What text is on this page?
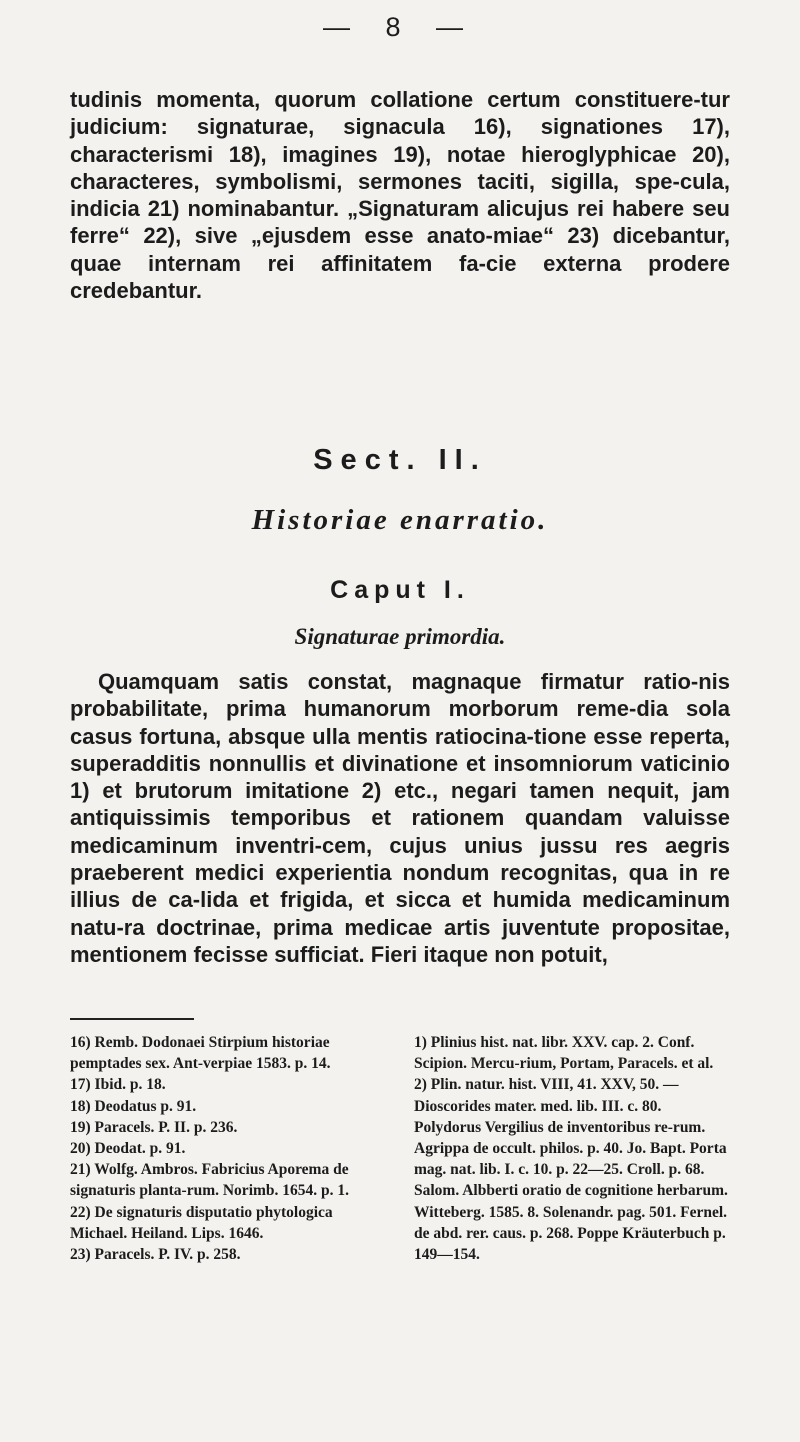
— 8 —

tudinis momenta, quorum collatione certum constituere-tur judicium: signaturae, signacula 16), signationes 17), characterismi 18), imagines 19), notae hieroglyphicae 20), characteres, symbolismi, sermones taciti, sigilla, spe-cula, indicia 21) nominabantur. „Signaturam alicujus rei habere seu ferre“ 22), sive „ejusdem esse anato-miae“ 23) dicebantur, quae internam rei affinitatem fa-cie externa prodere credebantur.

Sect. II.
Historiae enarratio.
Caput I.
Signaturae primordia.

Quamquam satis constat, magnaque firmatur ratio-nis probabilitate, prima humanorum morborum reme-dia sola casus fortuna, absque ulla mentis ratiocina-tione esse reperta, superadditis nonnullis et divinatione et insomniorum vaticinio 1) et brutorum imitatione 2) etc., negari tamen nequit, jam antiquissimis temporibus et rationem quandam valuisse medicaminum inventri-cem, cujus unius jussu res aegris praeberent medici experientia nondum recognitas, qua in re illius de ca-lida et frigida, et sicca et humida medicaminum natu-ra doctrinae, prima medicae artis juventute propositae, mentionem fecisse sufficiat. Fieri itaque non potuit,

16) Remb. Dodonaei Stirpium historiae pemptades sex. Ant-verpiae 1583. p. 14.
17) Ibid. p. 18.
18) Deodatus p. 91.
19) Paracels. P. II. p. 236.
20) Deodat. p. 91.
21) Wolfg. Ambros. Fabricius Aporema de signaturis planta-rum. Norimb. 1654. p. 1.
22) De signaturis disputatio phytologica Michael. Heiland. Lips. 1646.
23) Paracels. P. IV. p. 258.
1) Plinius hist. nat. libr. XXV. cap. 2. Conf. Scipion. Mercu-rium, Portam, Paracels. et al.
2) Plin. natur. hist. VIII, 41. XXV, 50. — Dioscorides mater. med. lib. III. c. 80. Polydorus Vergilius de inventoribus re-rum. Agrippa de occult. philos. p. 40. Jo. Bapt. Porta mag. nat. lib. I. c. 10. p. 22—25. Croll. p. 68. Salom. Albberti oratio de cognitione herbarum. Witteberg. 1585. 8. Solenandr. pag. 501. Fernel. de abd. rer. caus. p. 268. Poppe Kräuterbuch p. 149—154.
